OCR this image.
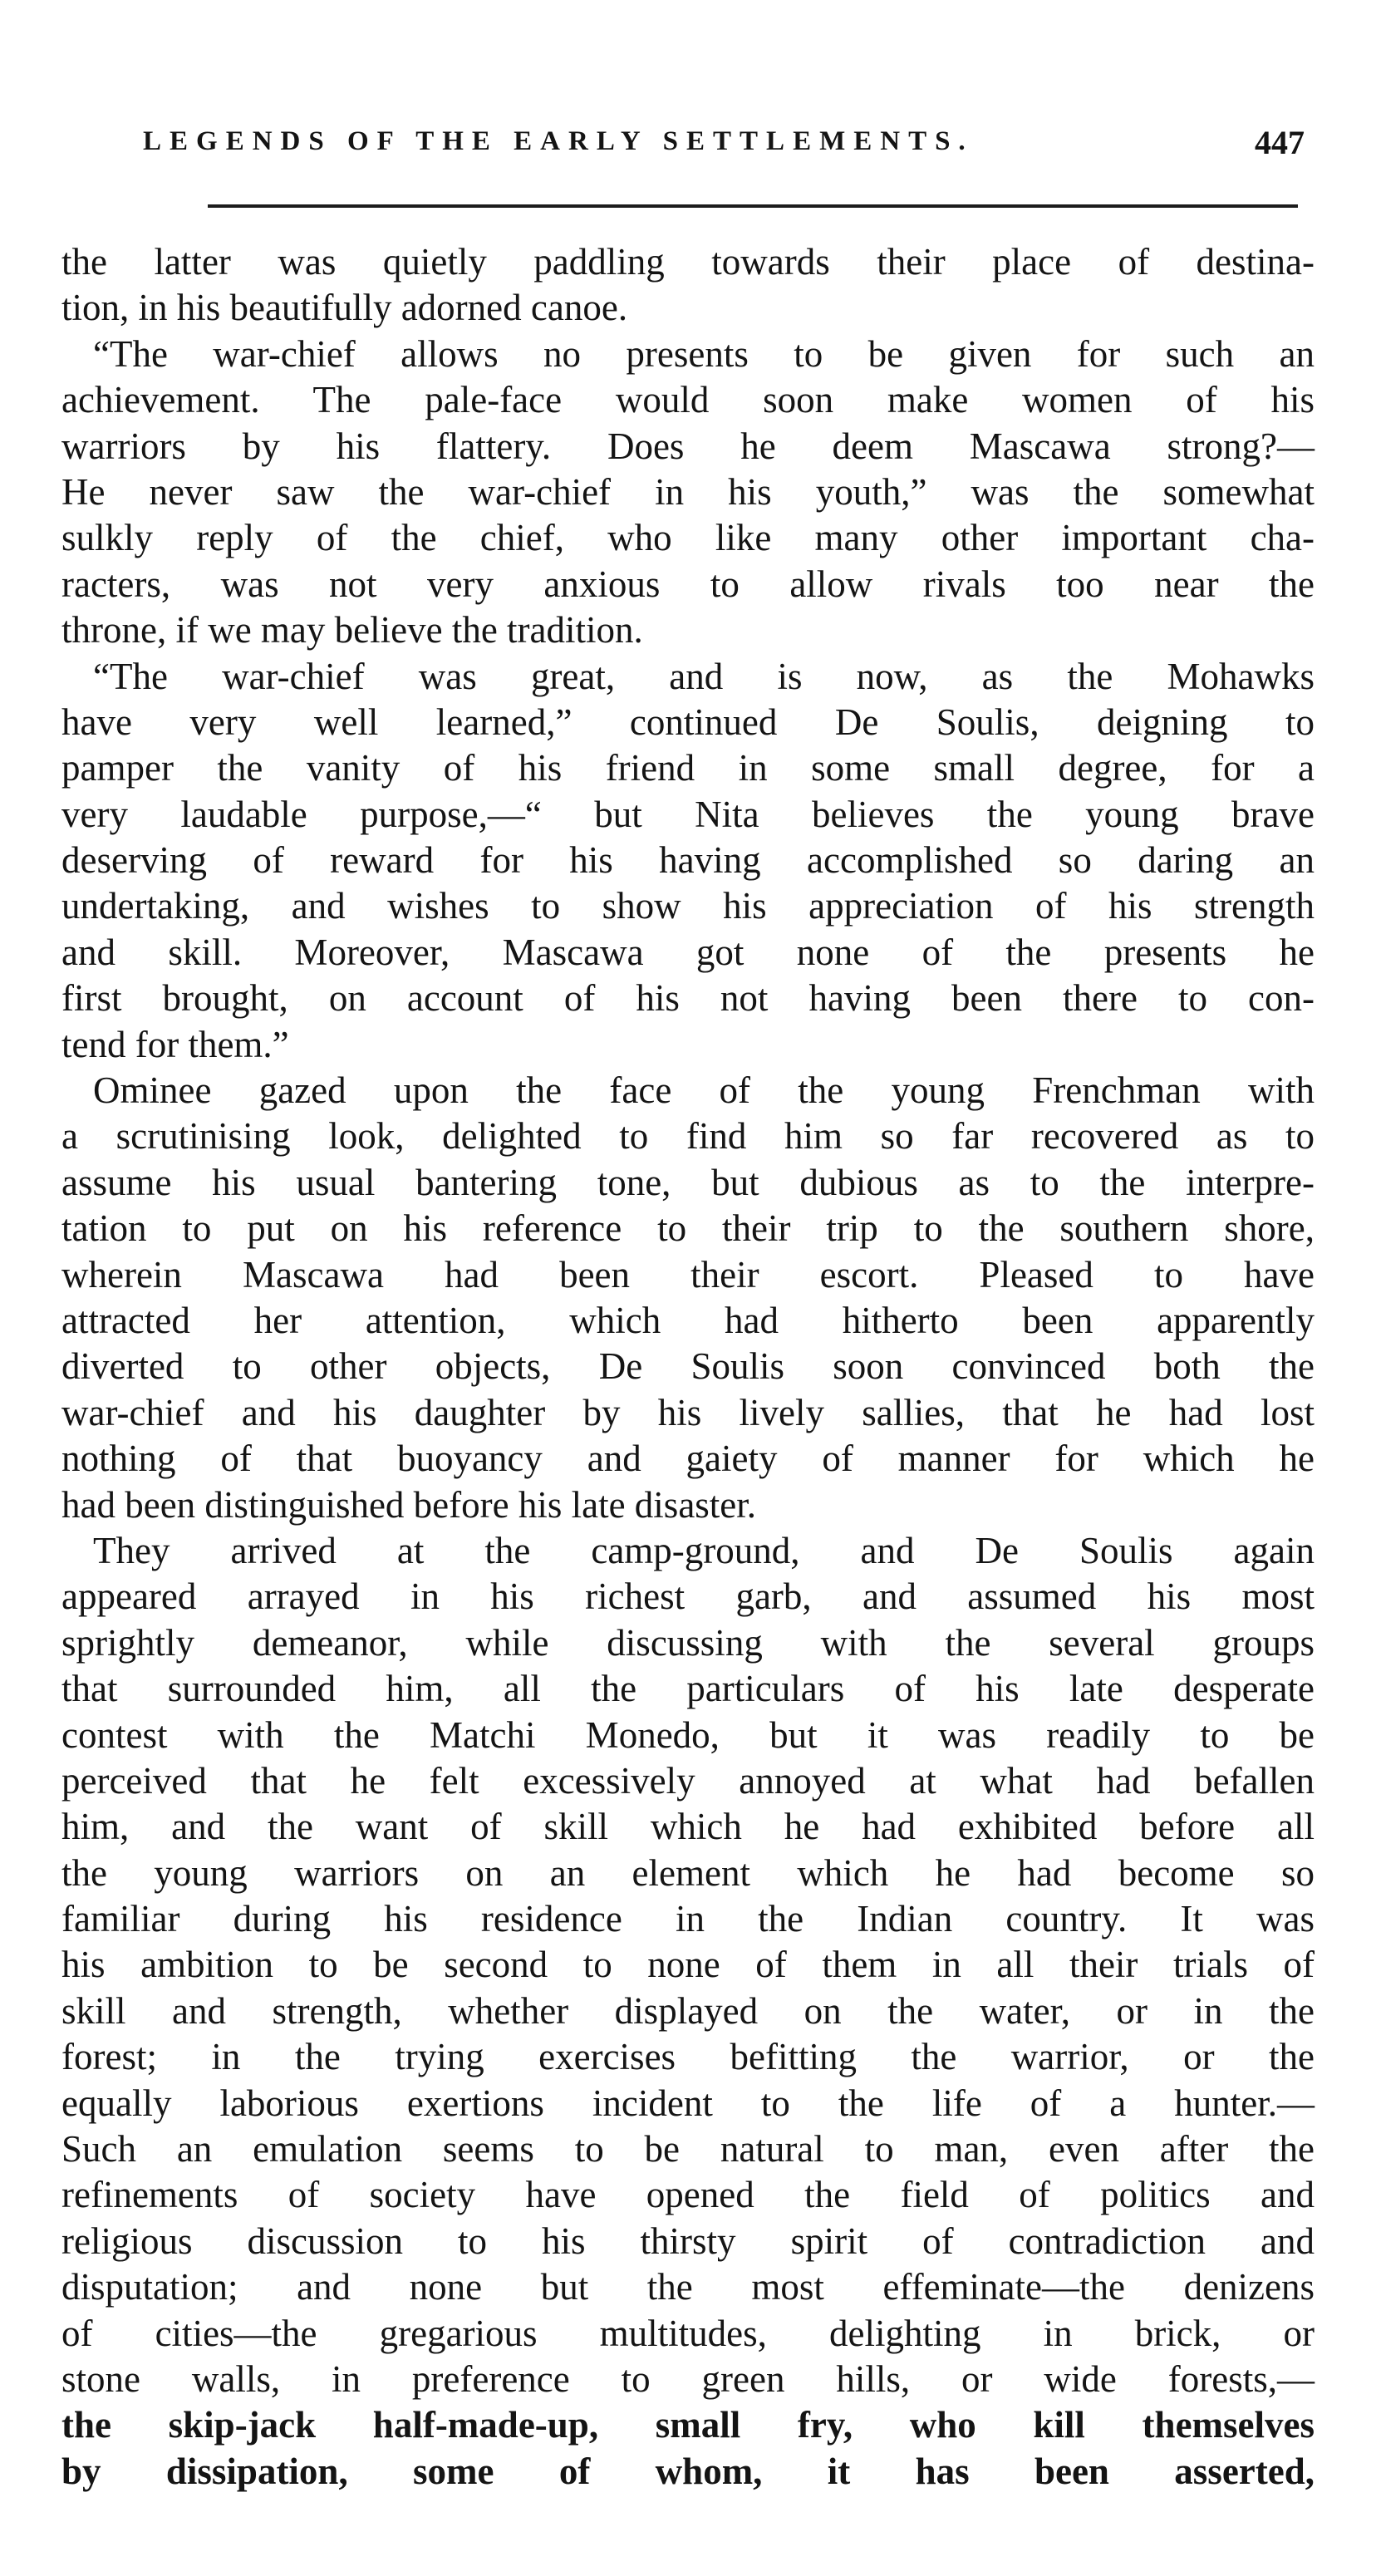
LEGENDS OF THE EARLY SETTLEMENTS.	447
the latter was quietly paddling towards their place of destina-
tion, in his beautifully adorned canoe.
“The war-chief allows no presents to be given for such an
achievement. The pale-face would soon make women of his
warriors by his flattery. Does he deem Mascawa strong?—
He never saw the war-chief in his youth,” was the somewhat
sulkly reply of the chief, who like many other important cha-
racters, was not very anxious to allow rivals too near the
throne, if we may believe the tradition.
“The war-chief was great, and is now, as the Mohawks
have very well learned,” continued De Soulis, deigning to
pamper the vanity of his friend in some small degree, for a
very laudable purpose,—“ but Nita believes the young brave
deserving of reward for his having accomplished so daring an
undertaking, and wishes to show his appreciation of his strength
and skill. Moreover, Mascawa got none of the presents he
first brought, on account of his not having been there to con-
tend for them.”
Ominee gazed upon the face of the young Frenchman with
a scrutinising look, delighted to find him so far recovered as to
assume his usual bantering tone, but dubious as to the interpre-
tation to put on his reference to their trip to the southern shore,
wherein Mascawa had been their escort. Pleased to have
attracted her attention, which had hitherto been apparently
diverted to other objects, De Soulis soon convinced both the
war-chief and his daughter by his lively sallies, that he had lost
nothing of that buoyancy and gaiety of manner for which he
had been distinguished before his late disaster.
They arrived at the camp-ground, and De Soulis again
appeared arrayed in his richest garb, and assumed his most
sprightly demeanor, while discussing with the several groups
that surrounded him, all the particulars of his late desperate
contest with the Matchi Monedo, but it was readily to be
perceived that he felt excessively annoyed at what had befallen
him, and the want of skill which he had exhibited before all
the young warriors on an element which he had become so
familiar during his residence in the Indian country. It was
his ambition to be second to none of them in all their trials of
skill and strength, whether displayed on the water, or in the
forest; in the trying exercises befitting the warrior, or the
equally laborious exertions incident to the life of a hunter.—
Such an emulation seems to be natural to man, even after the
refinements of society have opened the field of politics and
religious discussion to his thirsty spirit of contradiction and
disputation; and none but the most effeminate—the denizens
of cities—the gregarious multitudes, delighting in brick, or
stone walls, in preference to green hills, or wide forests,—
the skip-jack half-made-up, small fry, who kill themselves
by dissipation, some of whom, it has been asserted,
